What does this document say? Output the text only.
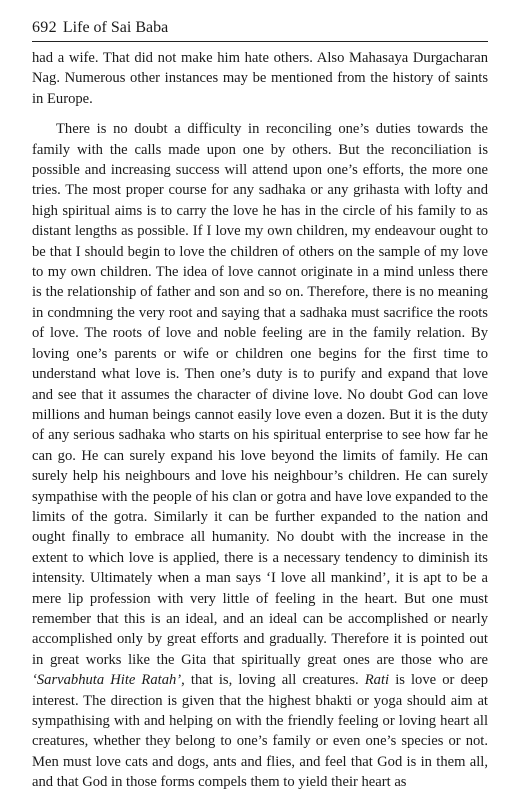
692 Life of Sai Baba

had a wife. That did not make him hate others. Also Mahasaya Durgacharan Nag. Numerous other instances may be mentioned from the history of saints in Europe.

There is no doubt a difficulty in reconciling one’s duties towards the family with the calls made upon one by others. But the reconciliation is possible and increasing success will attend upon one’s efforts, the more one tries. The most proper course for any sadhaka or any grihasta with lofty and high spiritual aims is to carry the love he has in the circle of his family to as distant lengths as possible. If I love my own children, my endeavour ought to be that I should begin to love the children of others on the sample of my love to my own children. The idea of love cannot originate in a mind unless there is the relationship of father and son and so on. Therefore, there is no meaning in condmning the very root and saying that a sadhaka must sacrifice the roots of love. The roots of love and noble feeling are in the family relation. By loving one’s parents or wife or children one begins for the first time to understand what love is. Then one’s duty is to purify and expand that love and see that it assumes the character of divine love. No doubt God can love millions and human beings cannot easily love even a dozen. But it is the duty of any serious sadhaka who starts on his spiritual enterprise to see how far he can go. He can surely expand his love beyond the limits of family. He can surely help his neighbours and love his neighbour’s children. He can surely sympathise with the people of his clan or gotra and have love expanded to the limits of the gotra. Similarly it can be further expanded to the nation and ought finally to embrace all humanity. No doubt with the increase in the extent to which love is applied, there is a necessary tendency to diminish its intensity. Ultimately when a man says ‘I love all mankind’, it is apt to be a mere lip profession with very little of feeling in the heart. But one must remember that this is an ideal, and an ideal can be accomplished or nearly accomplished only by great efforts and gradually. Therefore it is pointed out in great works like the Gita that spiritually great ones are those who are ‘Sarvabhuta Hite Ratah’, that is, loving all creatures. Rati is love or deep interest. The direction is given that the highest bhakti or yoga should aim at sympathising with and helping on with the friendly feeling or loving heart all creatures, whether they belong to one’s family or even one’s species or not. Men must love cats and dogs, ants and flies, and feel that God is in them all, and that God in those forms compels them to yield their heart as
